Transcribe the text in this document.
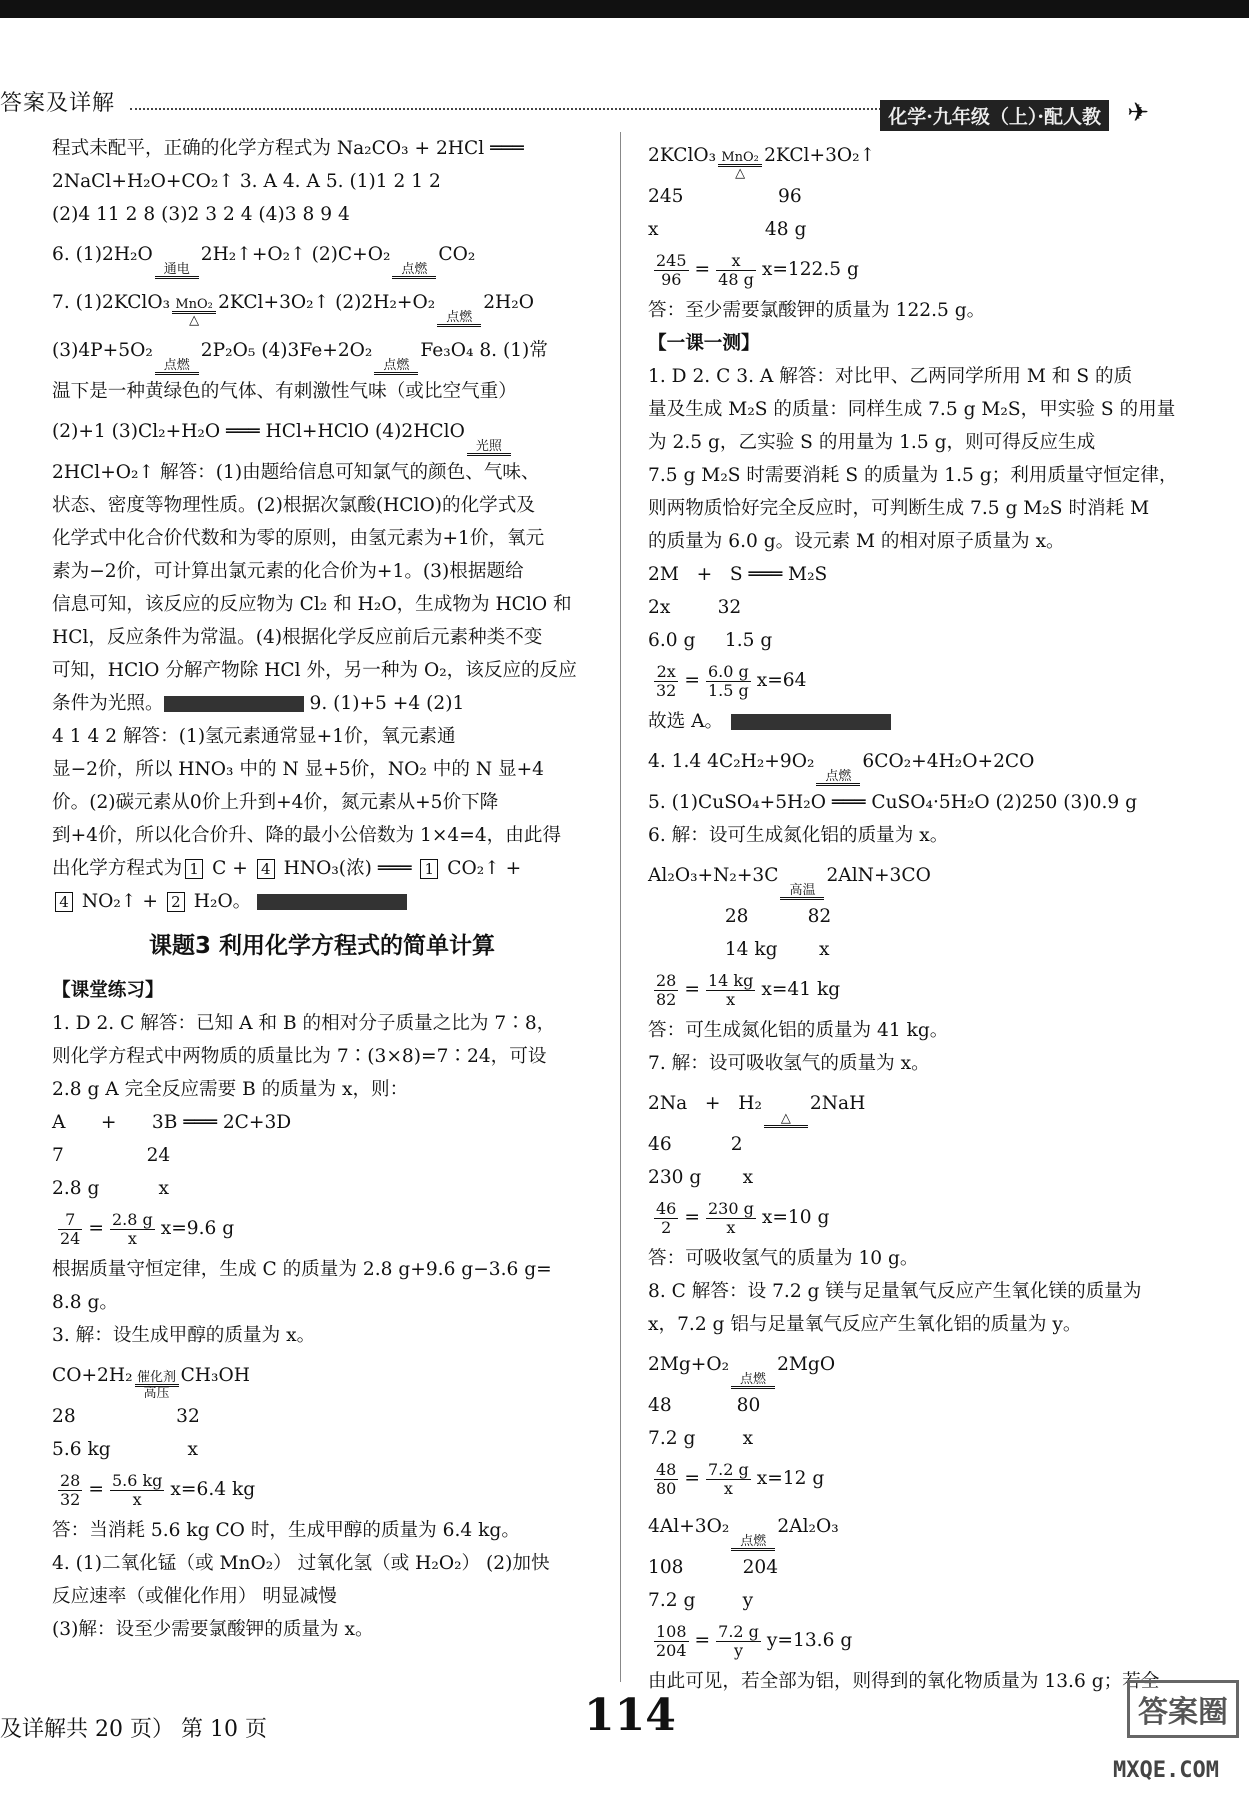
答案及详解
化学·九年级（上）·配人教	✈
程式未配平，正确的化学方程式为 Na₂CO₃ + 2HCl ═══
2NaCl+H₂O+CO₂↑ 3. A 4. A 5. (1)1 2 1 2
(2)4 11 2 8 (3)2 3 2 4 (4)3 8 9 4
6. (1)2H₂O
通电
2H₂↑+O₂↑ (2)C+O₂
点燃
CO₂
7. (1)2KClO₃ MnO₂
△
2KCl+3O₂↑ (2)2H₂+O₂
点燃
2H₂O
(3)4P+5O₂
点燃
2P₂O₅ (4)3Fe+2O₂
点燃
Fe₃O₄ 8. (1)常
温下是一种黄绿色的气体、有刺激性气味（或比空气重）
(2)+1 (3)Cl₂+H₂O ═══ HCl+HClO (4)2HClO
光照
2HCl+O₂↑ 解答：(1)由题给信息可知氯气的颜色、气味、
状态、密度等物理性质。(2)根据次氯酸(HClO)的化学式及
化学式中化合价代数和为零的原则，由氢元素为+1价，氧元
素为−2价，可计算出氯元素的化合价为+1。(3)根据题给
信息可知，该反应的反应物为 Cl₂ 和 H₂O，生成物为 HClO 和
HCl，反应条件为常温。(4)根据化学反应前后元素种类不变
可知，HClO 分解产物除 HCl 外，另一种为 O₂，该反应的反应
条件为光照。	9. (1)+5 +4 (2)1
4 1 4 2 解答：(1)氢元素通常显+1价，氧元素通
显−2价，所以 HNO₃ 中的 N 显+5价，NO₂ 中的 N 显+4
价。(2)碳元素从0价上升到+4价，氮元素从+5价下降
到+4价，所以化合价升、降的最小公倍数为 1×4=4，由此得
出化学方程式为 1 C + 4 HNO₃(浓) ═══ 1 CO₂↑ +
4 NO₂↑ + 2 H₂O。
课题3 利用化学方程式的简单计算
【课堂练习】
1. D 2. C 解答：已知 A 和 B 的相对分子质量之比为 7∶8，
则化学方程式中两物质的质量比为 7∶(3×8)=7∶24，可设
2.8 g A 完全反应需要 B 的质量为 x，则：
A      +      3B ═══ 2C+3D
7              24
2.8 g          x
$\frac{7}{24} = \frac{2.8 g}{x} x=9.6$ g
根据质量守恒定律，生成 C 的质量为 2.8 g+9.6 g−3.6 g=
8.8 g。
3. 解：设生成甲醇的质量为 x。
CO+2H₂ 催化剂
高压
CH₃OH
28                 32
5.6 kg             x
$\frac{28}{32} = \frac{5.6 kg}{x} x=6.4$ kg
答：当消耗 5.6 kg CO 时，生成甲醇的质量为 6.4 kg。
4. (1)二氧化锰（或 MnO₂） 过氧化氢（或 H₂O₂） (2)加快
反应速率（或催化作用） 明显减慢
(3)解：设至少需要氯酸钾的质量为 x。
2KClO₃ MnO₂
△
2KCl+3O₂↑
245                96
x                  48 g
$\frac{245}{96} = \frac{x}{48 g} x=122.5$ g
答：至少需要氯酸钾的质量为 122.5 g。
【一课一测】
1. D 2. C 3. A 解答：对比甲、乙两同学所用 M 和 S 的质
量及生成 M₂S 的质量：同样生成 7.5 g M₂S，甲实验 S 的用量
为 2.5 g，乙实验 S 的用量为 1.5 g，则可得反应生成
7.5 g M₂S 时需要消耗 S 的质量为 1.5 g；利用质量守恒定律，
则两物质恰好完全反应时，可判断生成 7.5 g M₂S 时消耗 M
的质量为 6.0 g。设元素 M 的相对原子质量为 x。
2M   +   S ═══ M₂S
2x        32
6.0 g     1.5 g
$\frac{2x}{32} = \frac{6.0 g}{1.5 g} x=64$
故选 A。
4. 1.4 4C₂H₂+9O₂
点燃
6CO₂+4H₂O+2CO
5. (1)CuSO₄+5H₂O ═══ CuSO₄·5H₂O (2)250 (3)0.9 g
6. 解：设可生成氮化铝的质量为 x。
Al₂O₃+N₂+3C
高温
2AlN+3CO
28          82
14 kg       x
$\frac{28}{82} = \frac{14 kg}{x} x=41$ kg
答：可生成氮化铝的质量为 41 kg。
7. 解：设可吸收氢气的质量为 x。
2Na   +   H₂
△
2NaH
46          2
230 g       x
$\frac{46}{2} = \frac{230 g}{x} x=10$ g
答：可吸收氢气的质量为 10 g。
8. C 解答：设 7.2 g 镁与足量氧气反应产生氧化镁的质量为
x，7.2 g 铝与足量氧气反应产生氧化铝的质量为 y。
2Mg+O₂
点燃
2MgO
48           80
7.2 g        x
$\frac{48}{80} = \frac{7.2 g}{x} x=12$ g
4Al+3O₂
点燃
2Al₂O₃
108          204
7.2 g        y
$\frac{108}{204} = \frac{7.2 g}{y} y=13.6$ g
由此可见，若全部为铝，则得到的氧化物质量为 13.6 g；若全
及详解共 20 页） 第 10 页	114	答案圈
MXQE.COM
